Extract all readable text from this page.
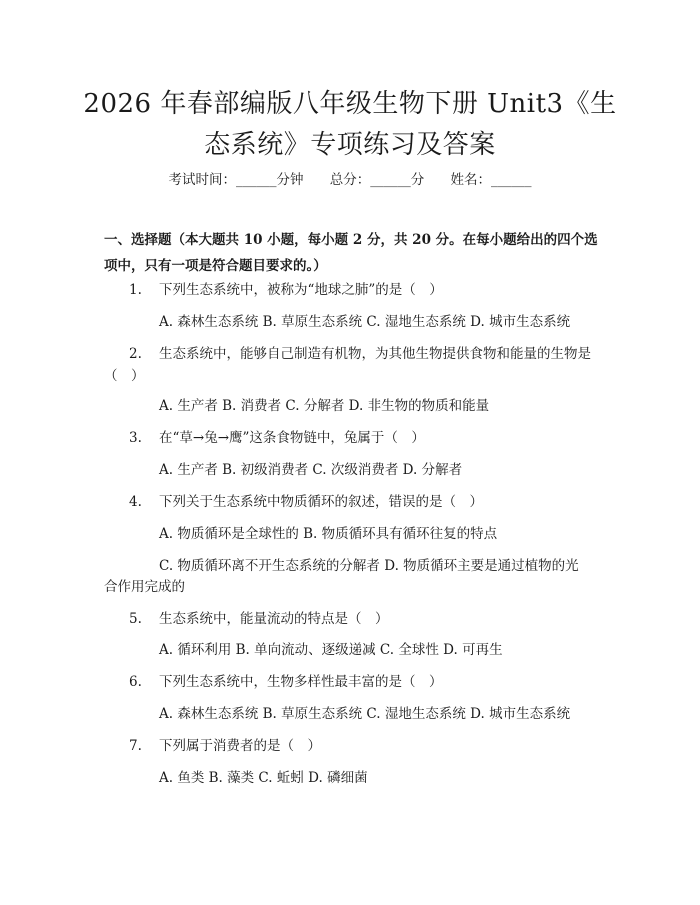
2026 年春部编版八年级生物下册 Unit3《生
态系统》专项练习及答案
考试时间：______分钟 总分：______分 姓名：______
一、选择题（本大题共 10 小题，每小题 2 分，共 20 分。在每小题给出的四个选项中，只有一项是符合题目要求的。）
1. 下列生态系统中，被称为“地球之肺”的是（　）
A. 森林生态系统 B. 草原生态系统 C. 湿地生态系统 D. 城市生态系统
2. 生态系统中，能够自己制造有机物，为其他生物提供食物和能量的生物是
（　）
A. 生产者 B. 消费者 C. 分解者 D. 非生物的物质和能量
3. 在“草→兔→鹰”这条食物链中，兔属于（　）
A. 生产者 B. 初级消费者 C. 次级消费者 D. 分解者
4. 下列关于生态系统中物质循环的叙述，错误的是（　）
A. 物质循环是全球性的 B. 物质循环具有循环往复的特点
C. 物质循环离不开生态系统的分解者 D. 物质循环主要是通过植物的光
合作用完成的
5. 生态系统中，能量流动的特点是（　）
A. 循环利用 B. 单向流动、逐级递减 C. 全球性 D. 可再生
6. 下列生态系统中，生物多样性最丰富的是（　）
A. 森林生态系统 B. 草原生态系统 C. 湿地生态系统 D. 城市生态系统
7. 下列属于消费者的是（　）
A. 鱼类 B. 藻类 C. 蚯蚓 D. 磷细菌
